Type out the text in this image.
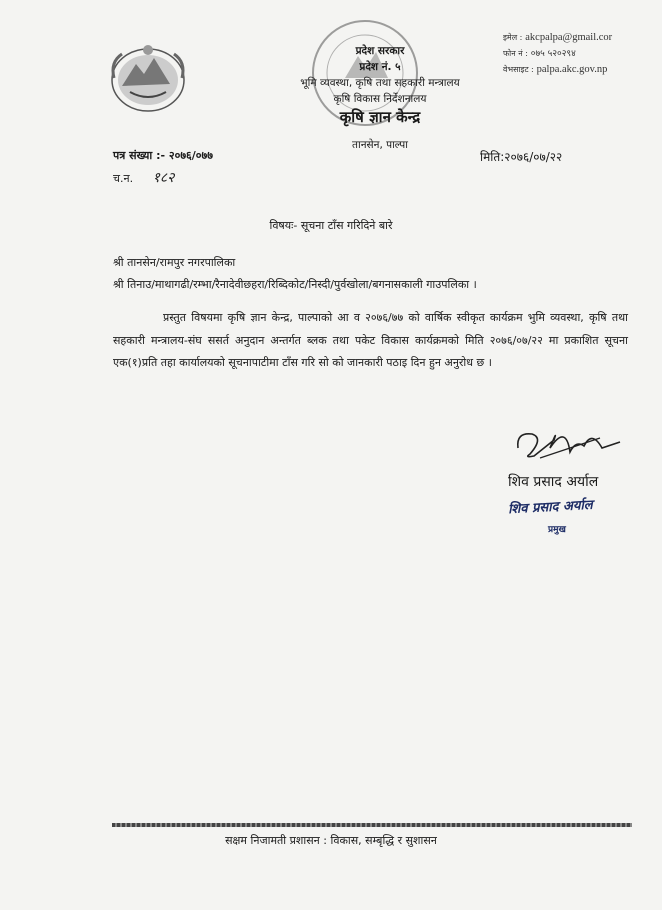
प्रदेश सरकार
प्रदेश नं. ५
भूमि व्यवस्था, कृषि तथा सहकारी मन्त्रालय
कृषि विकास निर्देशनालय
कृषि ज्ञान केन्द्र
तानसेन, पाल्पा
इमेल : akcpalpa@gmail.cor
फोन नं : ०७५ ५२०२९४
वेभसाइट : palpa.akc.gov.np
पत्र संख्या :- २०७६/०७७
च.न. १८२
मिति:२०७६/०७/२२
विषयः- सूचना टाँस गरिदिने बारे
श्री तानसेन/रामपुर नगरपालिका
श्री तिनाउ/माथागढी/रम्भा/रैनादेवीछहरा/रिब्दिकोट/निस्दी/पुर्वखोला/बगनासकाली गाउपलिका ।
प्रस्तुत विषयमा कृषि ज्ञान केन्द्र, पाल्पाको आ व २०७६/७७ को वार्षिक स्वीकृत कार्यक्रम भुमि व्यवस्था, कृषि तथा सहकारी मन्त्रालय-संघ ससर्त अनुदान अन्तर्गत ब्लक तथा पकेट विकास कार्यक्रमको मिति २०७६/०७/२२ मा प्रकाशित सूचना एक(१)प्रति तहा कार्यालयको सूचनापाटीमा टाँस गरि सो को जानकारी पठाइ दिन हुन अनुरोध छ ।
शिव प्रसाद अर्याल
शिव प्रसाद अर्याल
प्रमुख
सक्षम निजामती प्रशासन : विकास, सम्बृद्धि र सुशासन
